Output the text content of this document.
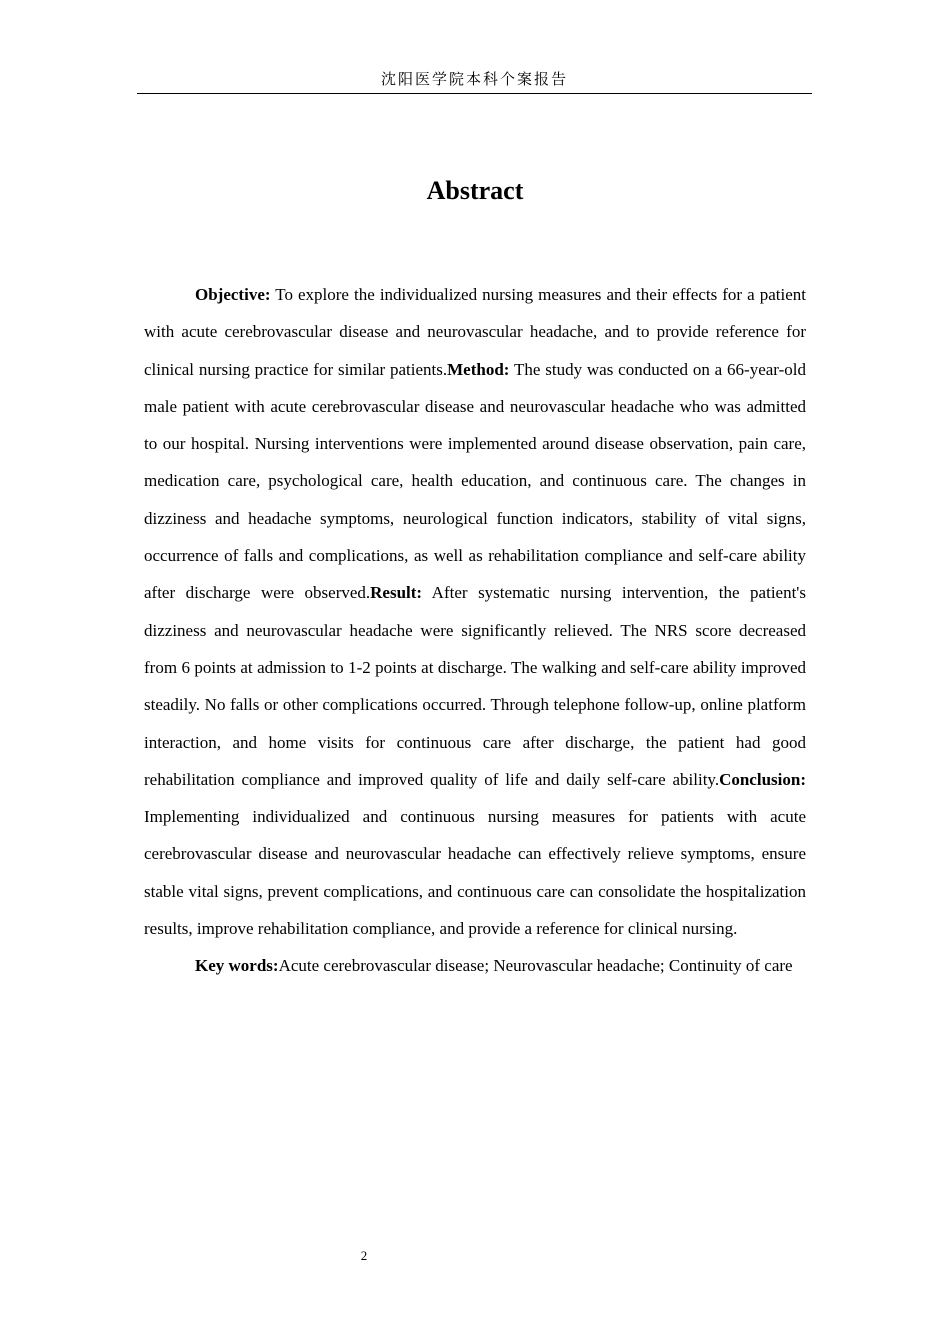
沈阳医学院本科个案报告
Abstract

Objective: To explore the individualized nursing measures and their effects for a patient with acute cerebrovascular disease and neurovascular headache, and to provide reference for clinical nursing practice for similar patients.Method: The study was conducted on a 66-year-old male patient with acute cerebrovascular disease and neurovascular headache who was admitted to our hospital. Nursing interventions were implemented around disease observation, pain care, medication care, psychological care, health education, and continuous care. The changes in dizziness and headache symptoms, neurological function indicators, stability of vital signs, occurrence of falls and complications, as well as rehabilitation compliance and self-care ability after discharge were observed.Result: After systematic nursing intervention, the patient's dizziness and neurovascular headache were significantly relieved. The NRS score decreased from 6 points at admission to 1-2 points at discharge. The walking and self-care ability improved steadily. No falls or other complications occurred. Through telephone follow-up, online platform interaction, and home visits for continuous care after discharge, the patient had good rehabilitation compliance and improved quality of life and daily self-care ability.Conclusion: Implementing individualized and continuous nursing measures for patients with acute cerebrovascular disease and neurovascular headache can effectively relieve symptoms, ensure stable vital signs, prevent complications, and continuous care can consolidate the hospitalization results, improve rehabilitation compliance, and provide a reference for clinical nursing.

Key words:Acute cerebrovascular disease; Neurovascular headache; Continuity of care

2
